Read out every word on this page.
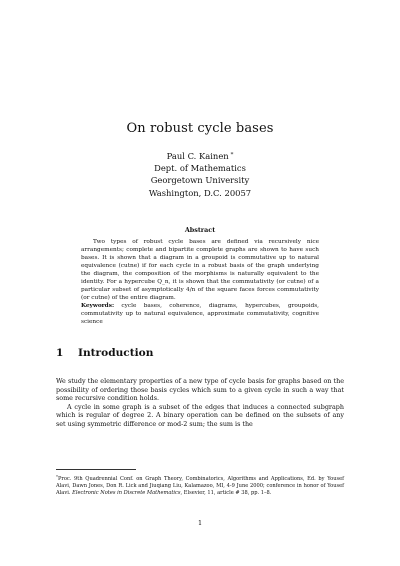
On robust cycle bases
Paul C. Kainen *
Dept. of Mathematics
Georgetown University
Washington, D.C. 20057
Abstract

Two types of robust cycle bases are defined via recursively nice arrangements; complete and bipartite complete graphs are shown to have such bases. It is shown that a diagram in a groupoid is commutative up to natural equivalence (cutne) if for each cycle in a robust basis of the graph underlying the diagram, the composition of the morphisms is naturally equivalent to the identity. For a hypercube Q_n, it is shown that the commutativity (or cutne) of a particular subset of asymptotically 4/n of the square faces forces commutativity (or cutne) of the entire diagram.

Keywords: cycle bases, coherence, diagrams, hypercubes, groupoids, commutativity up to natural equivalence, approximate commutativity, cognitive science

1 Introduction

We study the elementary properties of a new type of cycle basis for graphs based on the possibility of ordering those basis cycles which sum to a given cycle in such a way that some recursive condition holds.

A cycle in some graph is a subset of the edges that induces a connected subgraph which is regular of degree 2. A binary operation can be defined on the subsets of any set using symmetric difference or mod-2 sum; the sum is the

*Proc. 9th Quadrennial Conf. on Graph Theory, Combinatorics, Algorithms and Applications, Ed. by Yousef Alavi, Dawn Jones, Don R. Lick and Jiuqiang Liu, Kalamazoo, MI, 4-9 June 2000; conference in honor of Yousef Alavi. Electronic Notes in Discrete Mathematics, Elsevier, 11, article # 38, pp. 1–8.
1
